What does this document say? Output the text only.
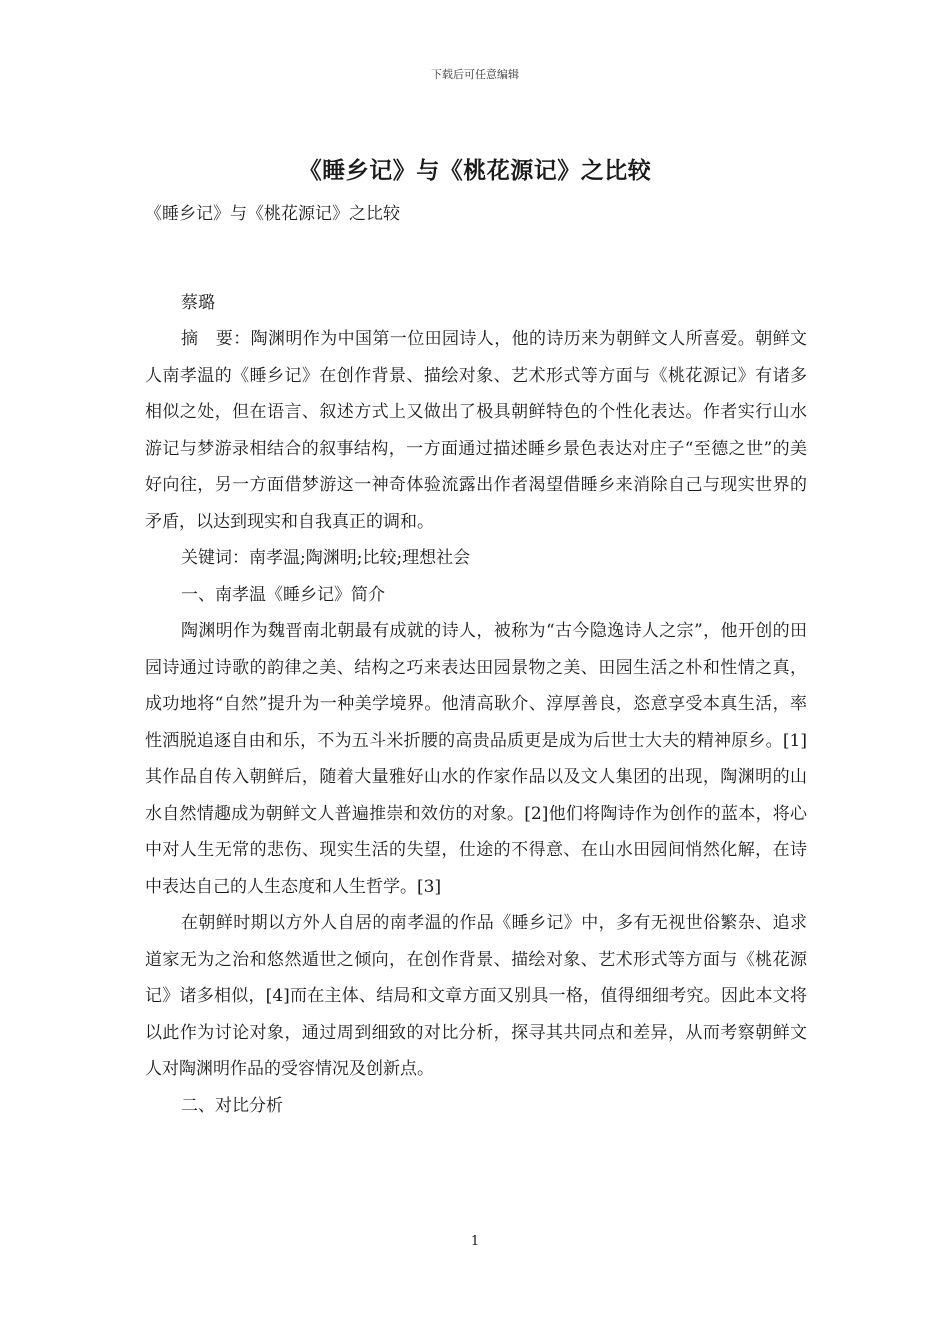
下载后可任意编辑
《睡乡记》与《桃花源记》之比较

《睡乡记》与《桃花源记》之比较

蔡璐

摘　要：陶渊明作为中国第一位田园诗人，他的诗历来为朝鲜文人所喜爱。朝鲜文人南孝温的《睡乡记》在创作背景、描绘对象、艺术形式等方面与《桃花源记》有诸多相似之处，但在语言、叙述方式上又做出了极具朝鲜特色的个性化表达。作者实行山水游记与梦游录相结合的叙事结构，一方面通过描述睡乡景色表达对庄子“至德之世”的美好向往，另一方面借梦游这一神奇体验流露出作者渴望借睡乡来消除自己与现实世界的矛盾，以达到现实和自我真正的调和。

关键词：南孝温;陶渊明;比较;理想社会

一、南孝温《睡乡记》简介

陶渊明作为魏晋南北朝最有成就的诗人，被称为“古今隐逸诗人之宗”，他开创的田园诗通过诗歌的韵律之美、结构之巧来表达田园景物之美、田园生活之朴和性情之真，成功地将“自然”提升为一种美学境界。他清高耿介、淳厚善良，恣意享受本真生活，率性洒脱追逐自由和乐，不为五斗米折腰的高贵品质更是成为后世士大夫的精神原乡。[1]其作品自传入朝鲜后，随着大量雅好山水的作家作品以及文人集团的出现，陶渊明的山水自然情趣成为朝鲜文人普遍推崇和效仿的对象。[2]他们将陶诗作为创作的蓝本，将心中对人生无常的悲伤、现实生活的失望，仕途的不得意、在山水田园间悄然化解，在诗中表达自己的人生态度和人生哲学。[3]

在朝鲜时期以方外人自居的南孝温的作品《睡乡记》中，多有无视世俗繁杂、追求道家无为之治和悠然遁世之倾向，在创作背景、描绘对象、艺术形式等方面与《桃花源记》诸多相似，[4]而在主体、结局和文章方面又别具一格，值得细细考究。因此本文将以此作为讨论对象，通过周到细致的对比分析，探寻其共同点和差异，从而考察朝鲜文人对陶渊明作品的受容情况及创新点。

二、对比分析

1
